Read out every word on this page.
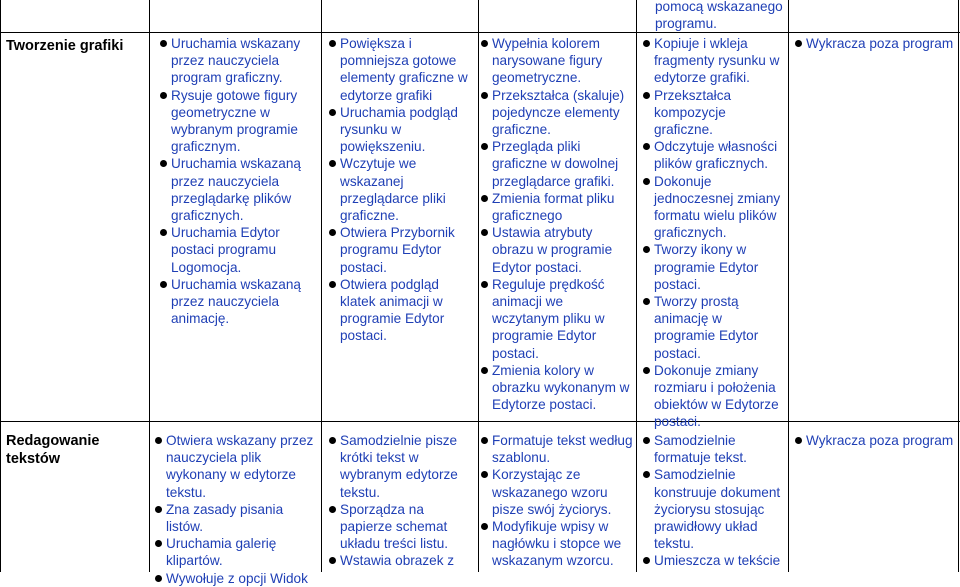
pomocą wskazanego
programu.
Tworzenie grafiki	Uruchamia wskazany przez nauczyciela program graficzny.
Rysuje gotowe figury geometryczne w wybranym programie graficznym.
Uruchamia wskazaną przez nauczyciela przeglądarkę plików graficznych.
Uruchamia Edytor postaci programu Logomocja.
Uruchamia wskazaną przez nauczyciela animację.
Powiększa i pomniejsza gotowe elementy graficzne w edytorze grafiki
Uruchamia podgląd rysunku w powiększeniu.
Wczytuje we wskazanej przeglądarce pliki graficzne.
Otwiera Przybornik programu Edytor postaci.
Otwiera podgląd klatek animacji w programie Edytor postaci.
Wypełnia kolorem narysowane figury geometryczne.
Przekształca (skaluje) pojedyncze elementy graficzne.
Przegląda pliki graficzne w dowolnej przeglądarce grafiki.
Zmienia format pliku graficznego
Ustawia atrybuty obrazu w programie Edytor postaci.
Reguluje prędkość animacji we wczytanym pliku w programie Edytor postaci.
Zmienia kolory w obrazku wykonanym w Edytorze postaci.
Kopiuje i wkleja fragmenty rysunku w edytorze grafiki.
Przekształca kompozycje graficzne.
Odczytuje własności plików graficznych.
Dokonuje jednoczesnej zmiany formatu wielu plików graficznych.
Tworzy ikony w programie Edytor postaci.
Tworzy prostą animację w programie Edytor postaci.
Dokonuje zmiany rozmiaru i położenia obiektów w Edytorze postaci.
Wykracza poza program
Redagowanie tekstów
Otwiera wskazany przez nauczyciela plik wykonany w edytorze tekstu.
Zna zasady pisania listów.
Uruchamia galerię klipartów.
Wywołuje z opcji Widok
Samodzielnie pisze krótki tekst w wybranym edytorze tekstu.
Sporządza na papierze schemat układu treści listu.
Wstawia obrazek z
Formatuje tekst według szablonu.
Korzystając ze wskazanego wzoru pisze swój życiorys.
Modyfikuje wpisy w nagłówku i stopce we wskazanym wzorcu.
Samodzielnie formatuje tekst.
Samodzielnie konstruuje dokument życiorysu stosując prawidłowy układ tekstu.
Umieszcza w tekście
Wykracza poza program
